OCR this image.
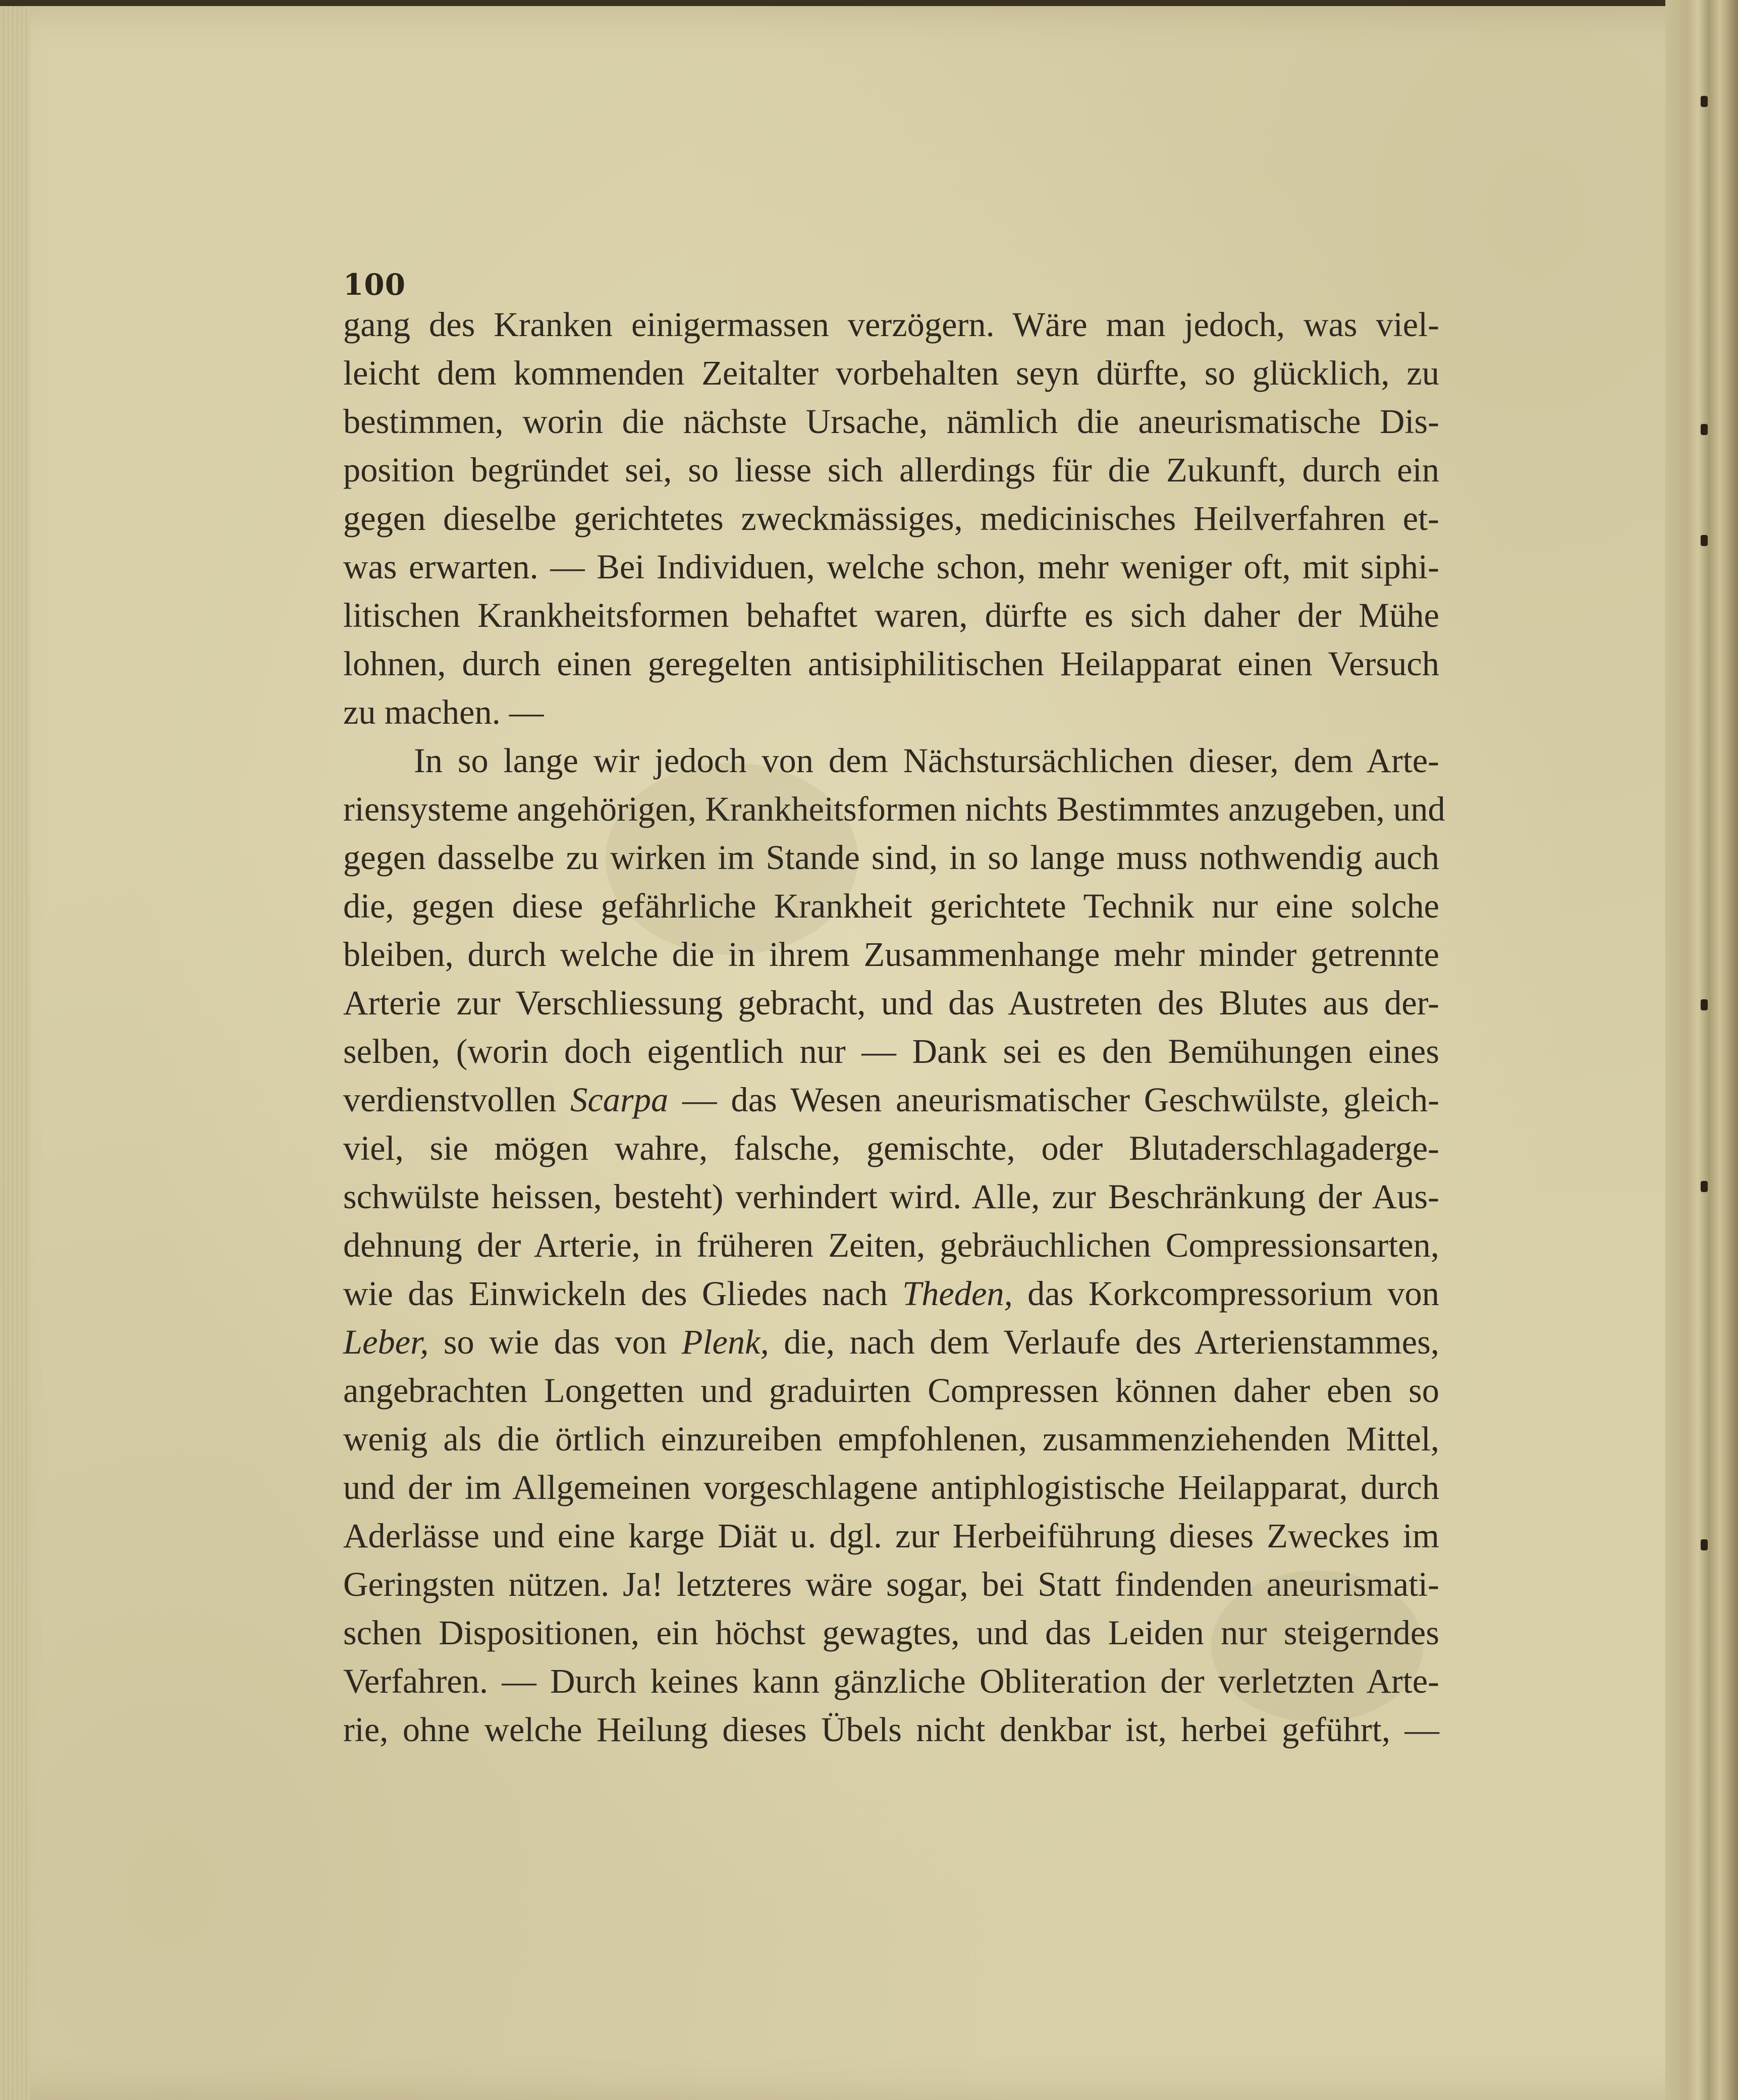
100
gang des Kranken einigermassen verzögern. Wäre man jedoch, was viel-
leicht dem kommenden Zeitalter vorbehalten seyn dürfte, so glücklich, zu
bestimmen, worin die nächste Ursache, nämlich die aneurismatische Dis-
position begründet sei, so liesse sich allerdings für die Zukunft, durch ein
gegen dieselbe gerichtetes zweckmässiges, medicinisches Heilverfahren et-
was erwarten. — Bei Individuen, welche schon, mehr weniger oft, mit siphi-
litischen Krankheitsformen behaftet waren, dürfte es sich daher der Mühe
lohnen, durch einen geregelten antisiphilitischen Heilapparat einen Versuch
zu machen. —
In so lange wir jedoch von dem Nächstursächlichen dieser, dem Arte-
riensysteme angehörigen, Krankheitsformen nichts Bestimmtes anzugeben, und
gegen dasselbe zu wirken im Stande sind, in so lange muss nothwendig auch
die, gegen diese gefährliche Krankheit gerichtete Technik nur eine solche
bleiben, durch welche die in ihrem Zusammenhange mehr minder getrennte
Arterie zur Verschliessung gebracht, und das Austreten des Blutes aus der-
selben, (worin doch eigentlich nur — Dank sei es den Bemühungen eines
verdienstvollen Scarpa — das Wesen aneurismatischer Geschwülste, gleich-
viel, sie mögen wahre, falsche, gemischte, oder Blutaderschlagaderge-
schwülste heissen, besteht) verhindert wird. Alle, zur Beschränkung der Aus-
dehnung der Arterie, in früheren Zeiten, gebräuchlichen Compressionsarten,
wie das Einwickeln des Gliedes nach Theden, das Korkcompressorium von
Leber, so wie das von Plenk, die, nach dem Verlaufe des Arterienstammes,
angebrachten Longetten und graduirten Compressen können daher eben so
wenig als die örtlich einzureiben empfohlenen, zusammenziehenden Mittel,
und der im Allgemeinen vorgeschlagene antiphlogistische Heilapparat, durch
Aderlässe und eine karge Diät u. dgl. zur Herbeiführung dieses Zweckes im
Geringsten nützen. Ja! letzteres wäre sogar, bei Statt findenden aneurismati-
schen Dispositionen, ein höchst gewagtes, und das Leiden nur steigerndes
Verfahren. — Durch keines kann gänzliche Obliteration der verletzten Arte-
rie, ohne welche Heilung dieses Übels nicht denkbar ist, herbei geführt, —
